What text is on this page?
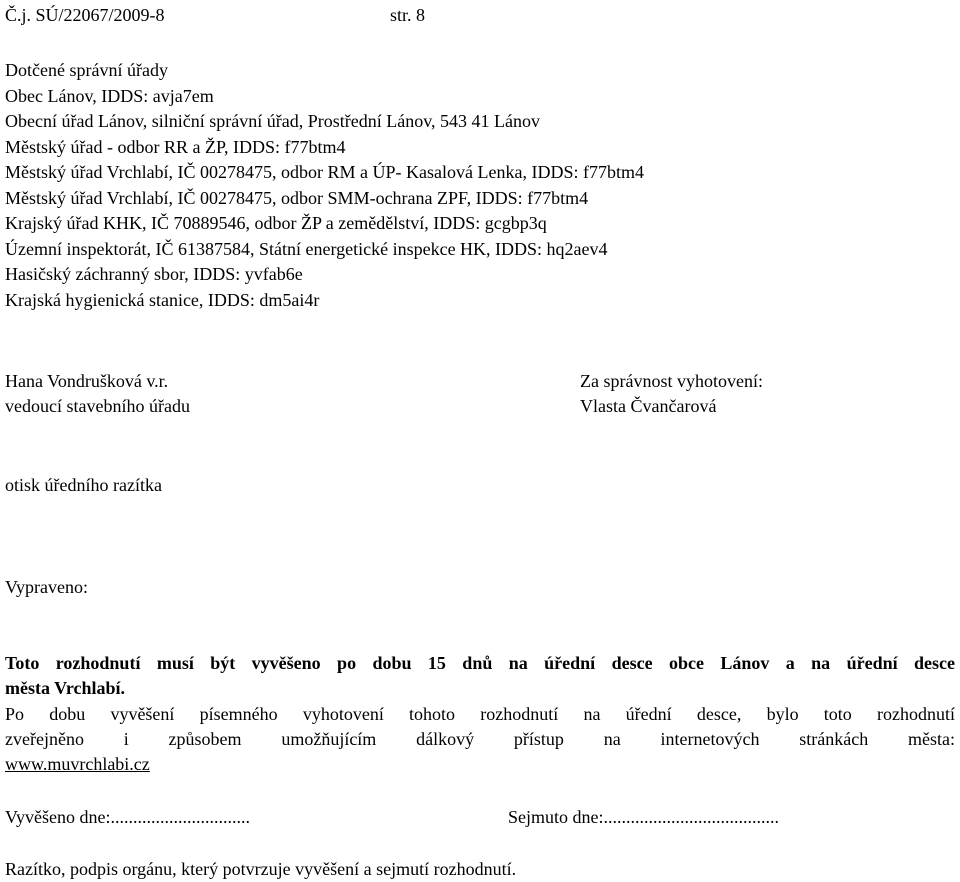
Č.j. SÚ/22067/2009-8	str. 8
Dotčené správní úřady
Obec Lánov, IDDS: avja7em
Obecní úřad Lánov, silniční správní úřad, Prostřední Lánov, 543 41 Lánov
Městský úřad - odbor RR a ŽP, IDDS: f77btm4
Městský úřad Vrchlabí, IČ 00278475, odbor RM a ÚP- Kasalová Lenka, IDDS: f77btm4
Městský úřad Vrchlabí, IČ 00278475, odbor SMM-ochrana ZPF, IDDS: f77btm4
Krajský úřad KHK, IČ 70889546, odbor ŽP a zemědělství, IDDS: gcgbp3q
Územní inspektorát, IČ 61387584, Státní energetické inspekce HK, IDDS: hq2aev4
Hasičský záchranný sbor, IDDS: yvfab6e
Krajská hygienická stanice, IDDS: dm5ai4r
Hana Vondrušková v.r.
vedoucí stavebního úřadu
Za správnost vyhotovení:
Vlasta Čvančarová
otisk úředního razítka
Vypraveno:
Toto rozhodnutí musí být vyvěšeno po dobu 15 dnů na úřední desce obce Lánov a na úřední desce
města Vrchlabí.
Po dobu vyvěšení písemného vyhotovení tohoto rozhodnutí na úřední desce, bylo toto rozhodnutí
zveřejněno i způsobem umožňujícím dálkový přístup na internetových stránkách města:
www.muvrchlabi.cz
Vyvěšeno dne:...............................	Sejmuto dne:.......................................
Razítko, podpis orgánu, který potvrzuje vyvěšení a sejmutí rozhodnutí.
